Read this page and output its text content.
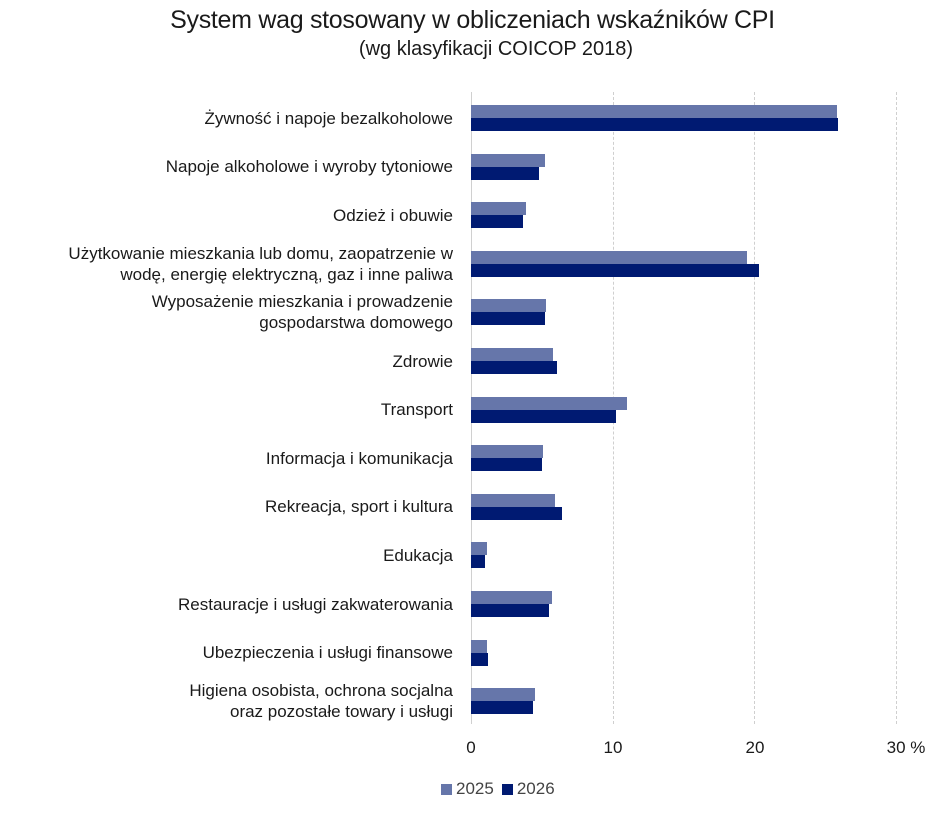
System wag stosowany w obliczeniach wskaźników CPI
(wg klasyfikacji COICOP 2018)
Żywność i napoje bezalkoholowe
Napoje alkoholowe i wyroby tytoniowe
Odzież i obuwie
Użytkowanie mieszkania lub domu, zaopatrzenie w
wodę, energię elektryczną, gaz i inne paliwa
Wyposażenie mieszkania i prowadzenie
gospodarstwa domowego
Zdrowie
Transport
Informacja i komunikacja
Rekreacja, sport i kultura
Edukacja
Restauracje i usługi zakwaterowania
Ubezpieczenia i usługi finansowe
Higiena osobista, ochrona socjalna
oraz pozostałe towary i usługi
0	10	20	30 %
2025 2026
